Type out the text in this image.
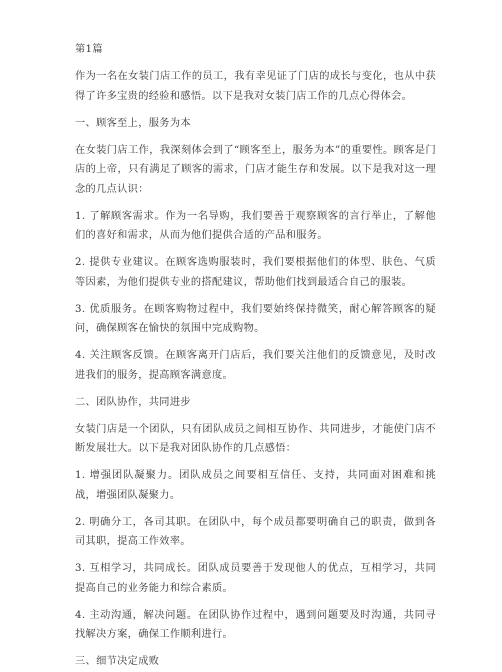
第1篇

作为一名在女装门店工作的员工，我有幸见证了门店的成长与变化，也从中获得了许多宝贵的经验和感悟。以下是我对女装门店工作的几点心得体会。

一、顾客至上，服务为本

在女装门店工作，我深刻体会到了“顾客至上，服务为本”的重要性。顾客是门店的上帝，只有满足了顾客的需求，门店才能生存和发展。以下是我对这一理念的几点认识：

1. 了解顾客需求。作为一名导购，我们要善于观察顾客的言行举止，了解他们的喜好和需求，从而为他们提供合适的产品和服务。

2. 提供专业建议。在顾客选购服装时，我们要根据他们的体型、肤色、气质等因素，为他们提供专业的搭配建议，帮助他们找到最适合自己的服装。

3. 优质服务。在顾客购物过程中，我们要始终保持微笑，耐心解答顾客的疑问，确保顾客在愉快的氛围中完成购物。

4. 关注顾客反馈。在顾客离开门店后，我们要关注他们的反馈意见，及时改进我们的服务，提高顾客满意度。

二、团队协作，共同进步

女装门店是一个团队，只有团队成员之间相互协作、共同进步，才能使门店不断发展壮大。以下是我对团队协作的几点感悟：

1. 增强团队凝聚力。团队成员之间要相互信任、支持，共同面对困难和挑战，增强团队凝聚力。

2. 明确分工，各司其职。在团队中，每个成员都要明确自己的职责，做到各司其职，提高工作效率。

3. 互相学习，共同成长。团队成员要善于发现他人的优点，互相学习，共同提高自己的业务能力和综合素质。

4. 主动沟通，解决问题。在团队协作过程中，遇到问题要及时沟通，共同寻找解决方案，确保工作顺利进行。

三、细节决定成败
